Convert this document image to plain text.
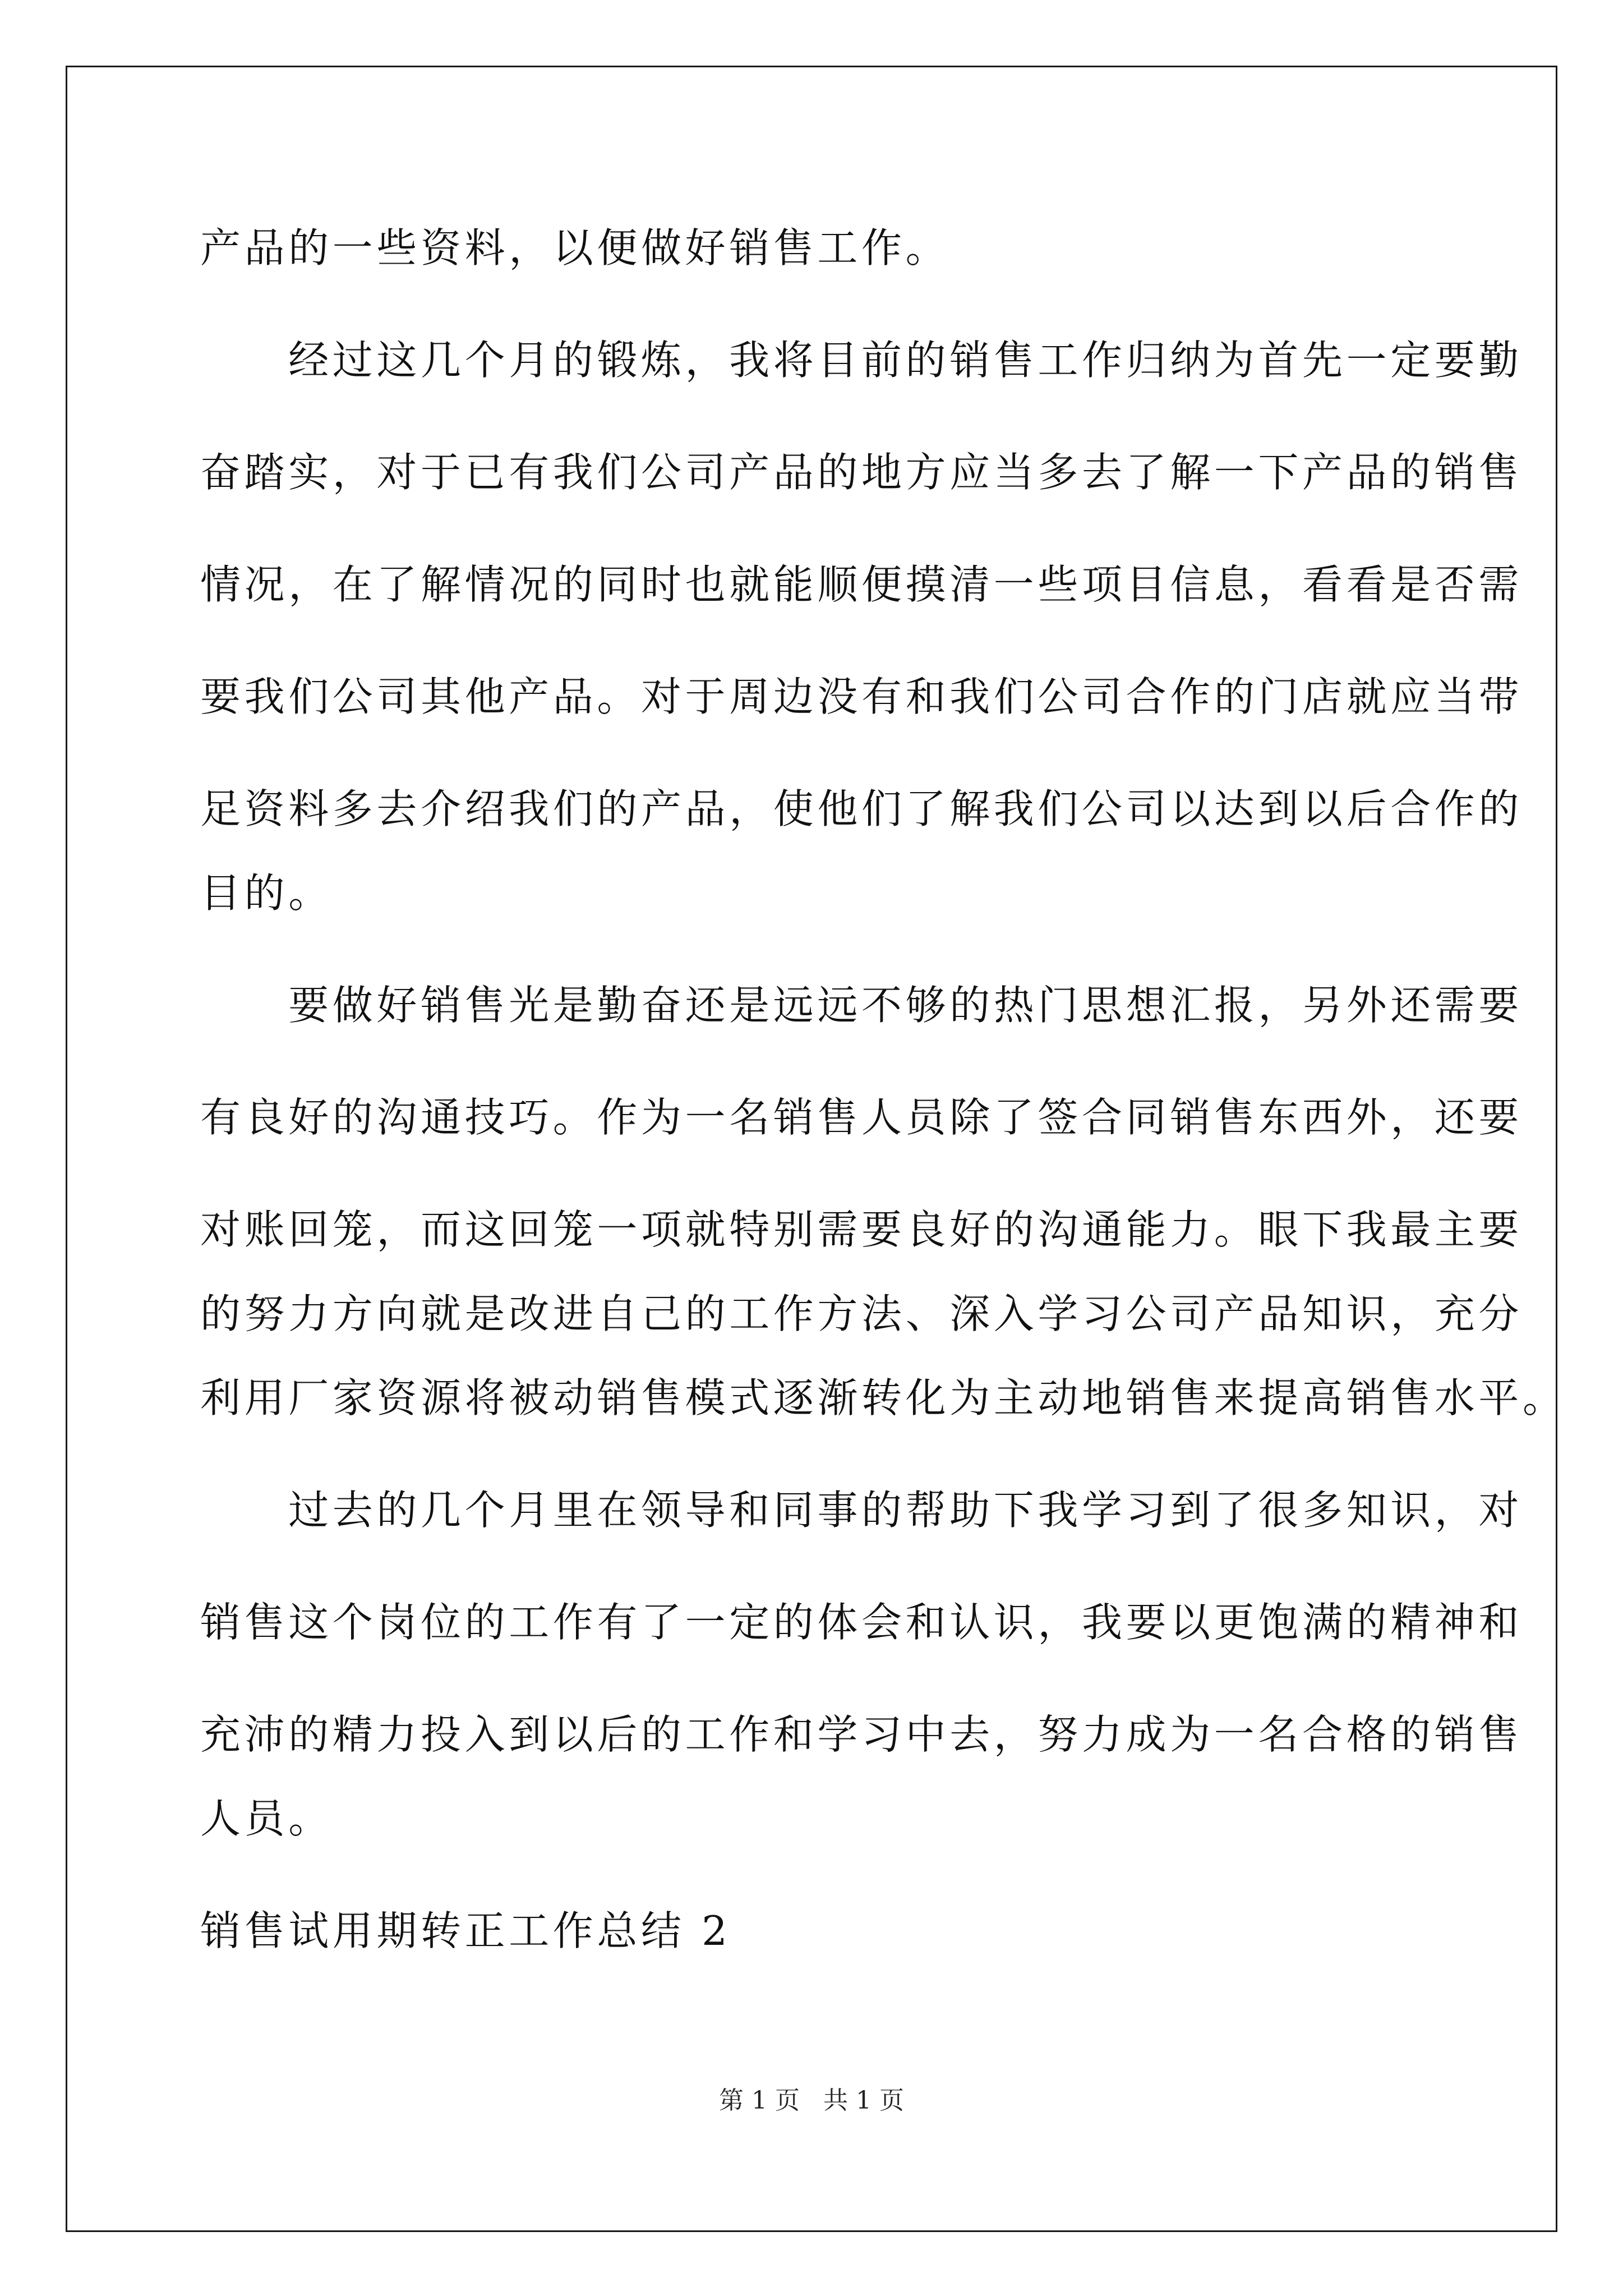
产品的一些资料，以便做好销售工作。

　　经过这几个月的锻炼，我将目前的销售工作归纳为首先一定要勤

奋踏实，对于已有我们公司产品的地方应当多去了解一下产品的销售

情况，在了解情况的同时也就能顺便摸清一些项目信息，看看是否需

要我们公司其他产品。对于周边没有和我们公司合作的门店就应当带

足资料多去介绍我们的产品，使他们了解我们公司以达到以后合作的

目的。

　　要做好销售光是勤奋还是远远不够的热门思想汇报，另外还需要

有良好的沟通技巧。作为一名销售人员除了签合同销售东西外，还要

对账回笼，而这回笼一项就特别需要良好的沟通能力。眼下我最主要

的努力方向就是改进自己的工作方法、深入学习公司产品知识，充分

利用厂家资源将被动销售模式逐渐转化为主动地销售来提高销售水平。

　　过去的几个月里在领导和同事的帮助下我学习到了很多知识，对

销售这个岗位的工作有了一定的体会和认识，我要以更饱满的精神和

充沛的精力投入到以后的工作和学习中去，努力成为一名合格的销售

人员。

销售试用期转正工作总结 2

第 1 页   共 1 页
